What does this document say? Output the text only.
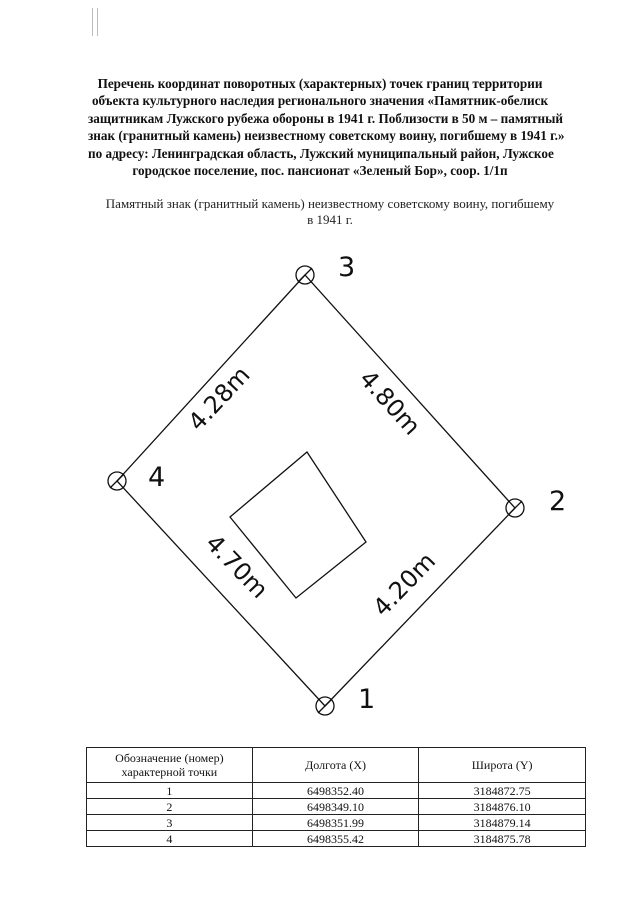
Перечень координат поворотных (характерных) точек границ территории
объекта культурного наследия регионального значения «Памятник-обелиск
защитникам Лужского рубежа обороны в 1941 г. Поблизости в 50 м – памятный
знак (гранитный камень) неизвестному советскому воину, погибшему в 1941 г.»
по адресу: Ленинградская область, Лужский муниципальный район, Лужское
городское поселение, пос. пансионат «Зеленый Бор», соор. 1/1п
Памятный знак (гранитный камень) неизвестному советскому воину, погибшему
в 1941 г.
1
2
3
4
4.28m	4.80m
4.20m
4.70m
Обозначение (номер) характерной точки	Долгота (X)	Широта (Y)
1	6498352.40	3184872.75
2	6498349.10	3184876.10
3	6498351.99	3184879.14
4	6498355.42	3184875.78
